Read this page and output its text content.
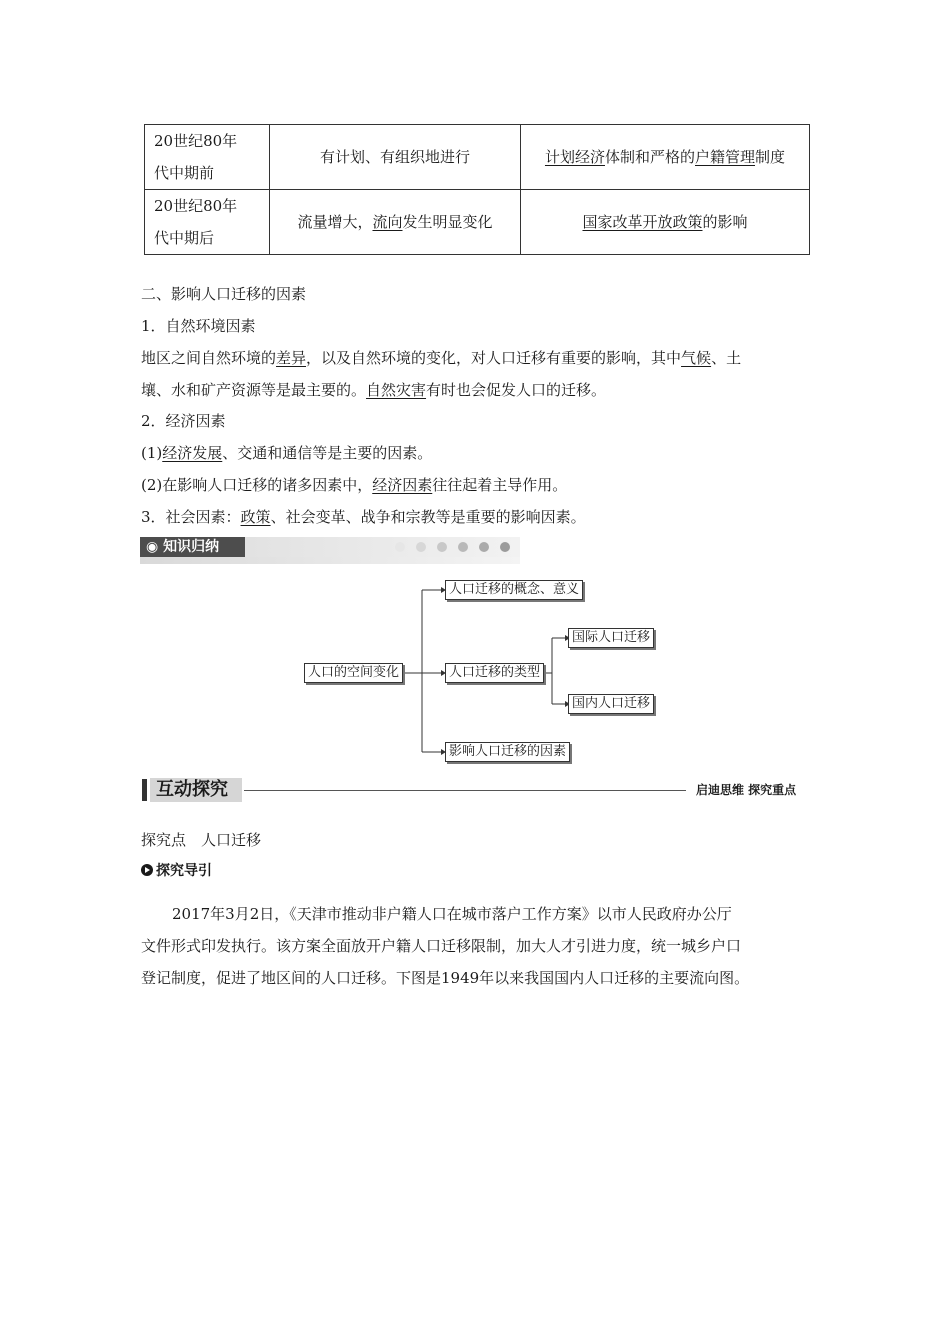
20世纪80年
代中期前	有计划、有组织地进行	计划经济体制和严格的户籍管理制度

20世纪80年
代中期后	流量增大，流向发生明显变化	国家改革开放政策的影响
二、影响人口迁移的因素
1．自然环境因素
地区之间自然环境的差异，以及自然环境的变化，对人口迁移有重要的影响，其中气候、土
壤、水和矿产资源等是最主要的。自然灾害有时也会促发人口的迁移。
2．经济因素
(1)经济发展、交通和通信等是主要的因素。
(2)在影响人口迁移的诸多因素中，经济因素往往起着主导作用。
3．社会因素：政策、社会变革、战争和宗教等是重要的影响因素。
◉ 知识归纳
人口的空间变化
人口迁移的概念、意义
人口迁移的类型
国际人口迁移
国内人口迁移
影响人口迁移的因素
互动探究	启迪思维 探究重点
探究点　人口迁移
探究导引
2017年3月2日，《天津市推动非户籍人口在城市落户工作方案》以市人民政府办公厅
文件形式印发执行。该方案全面放开户籍人口迁移限制，加大人才引进力度，统一城乡户口
登记制度，促进了地区间的人口迁移。下图是1949年以来我国国内人口迁移的主要流向图。
